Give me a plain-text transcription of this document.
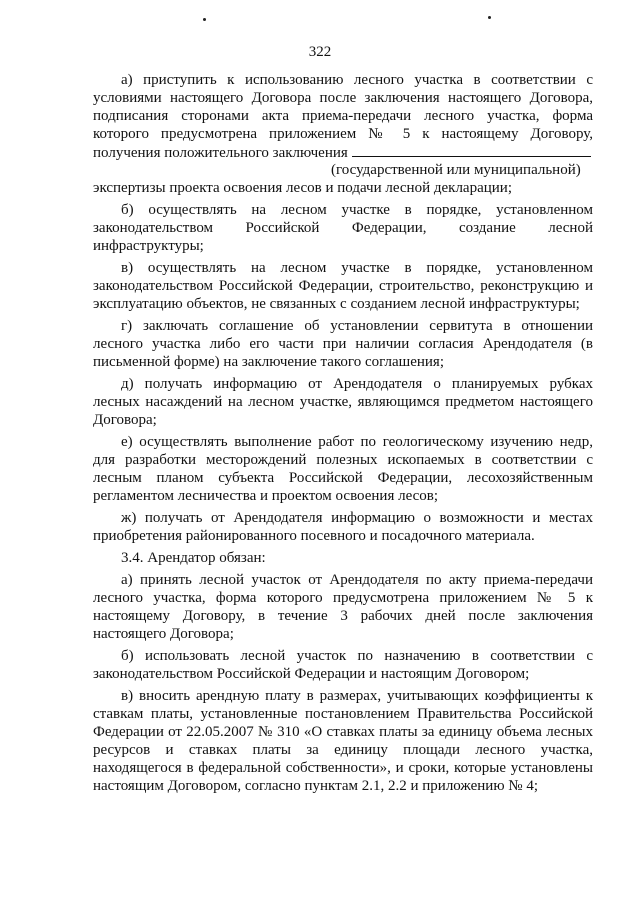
322
а) приступить к использованию лесного участка в соответствии с
условиями настоящего Договора после заключения настоящего Договора,
подписания сторонами акта приема-передачи лесного участка, форма
которого предусмотрена приложением № 5 к настоящему Договору,
получения положительного заключения
(государственной или муниципальной)
экспертизы проекта освоения лесов и подачи лесной декларации;
б) осуществлять на лесном участке в порядке, установленном
законодательством Российской Федерации, создание лесной
инфраструктуры;
в) осуществлять на лесном участке в порядке, установленном
законодательством Российской Федерации, строительство, реконструкцию и
эксплуатацию объектов, не связанных с созданием лесной инфраструктуры;
г) заключать соглашение об установлении сервитута в отношении
лесного участка либо его части при наличии согласия Арендодателя (в
письменной форме) на заключение такого соглашения;
д) получать информацию от Арендодателя о планируемых рубках
лесных насаждений на лесном участке, являющимся предметом настоящего
Договора;
е) осуществлять выполнение работ по геологическому изучению недр,
для разработки месторождений полезных ископаемых в соответствии с
лесным планом субъекта Российской Федерации, лесохозяйственным
регламентом лесничества и проектом освоения лесов;
ж) получать от Арендодателя информацию о возможности и местах
приобретения районированного посевного и посадочного материала.
3.4. Арендатор обязан:
а) принять лесной участок от Арендодателя по акту приема-передачи
лесного участка, форма которого предусмотрена приложением № 5 к
настоящему Договору, в течение 3 рабочих дней после заключения
настоящего Договора;
б) использовать лесной участок по назначению в соответствии с
законодательством Российской Федерации и настоящим Договором;
в) вносить арендную плату в размерах, учитывающих коэффициенты к
ставкам платы, установленные постановлением Правительства Российской
Федерации от 22.05.2007 № 310 «О ставках платы за единицу объема лесных
ресурсов и ставках платы за единицу площади лесного участка,
находящегося в федеральной собственности», и сроки, которые установлены
настоящим Договором, согласно пунктам 2.1, 2.2 и приложению № 4;
